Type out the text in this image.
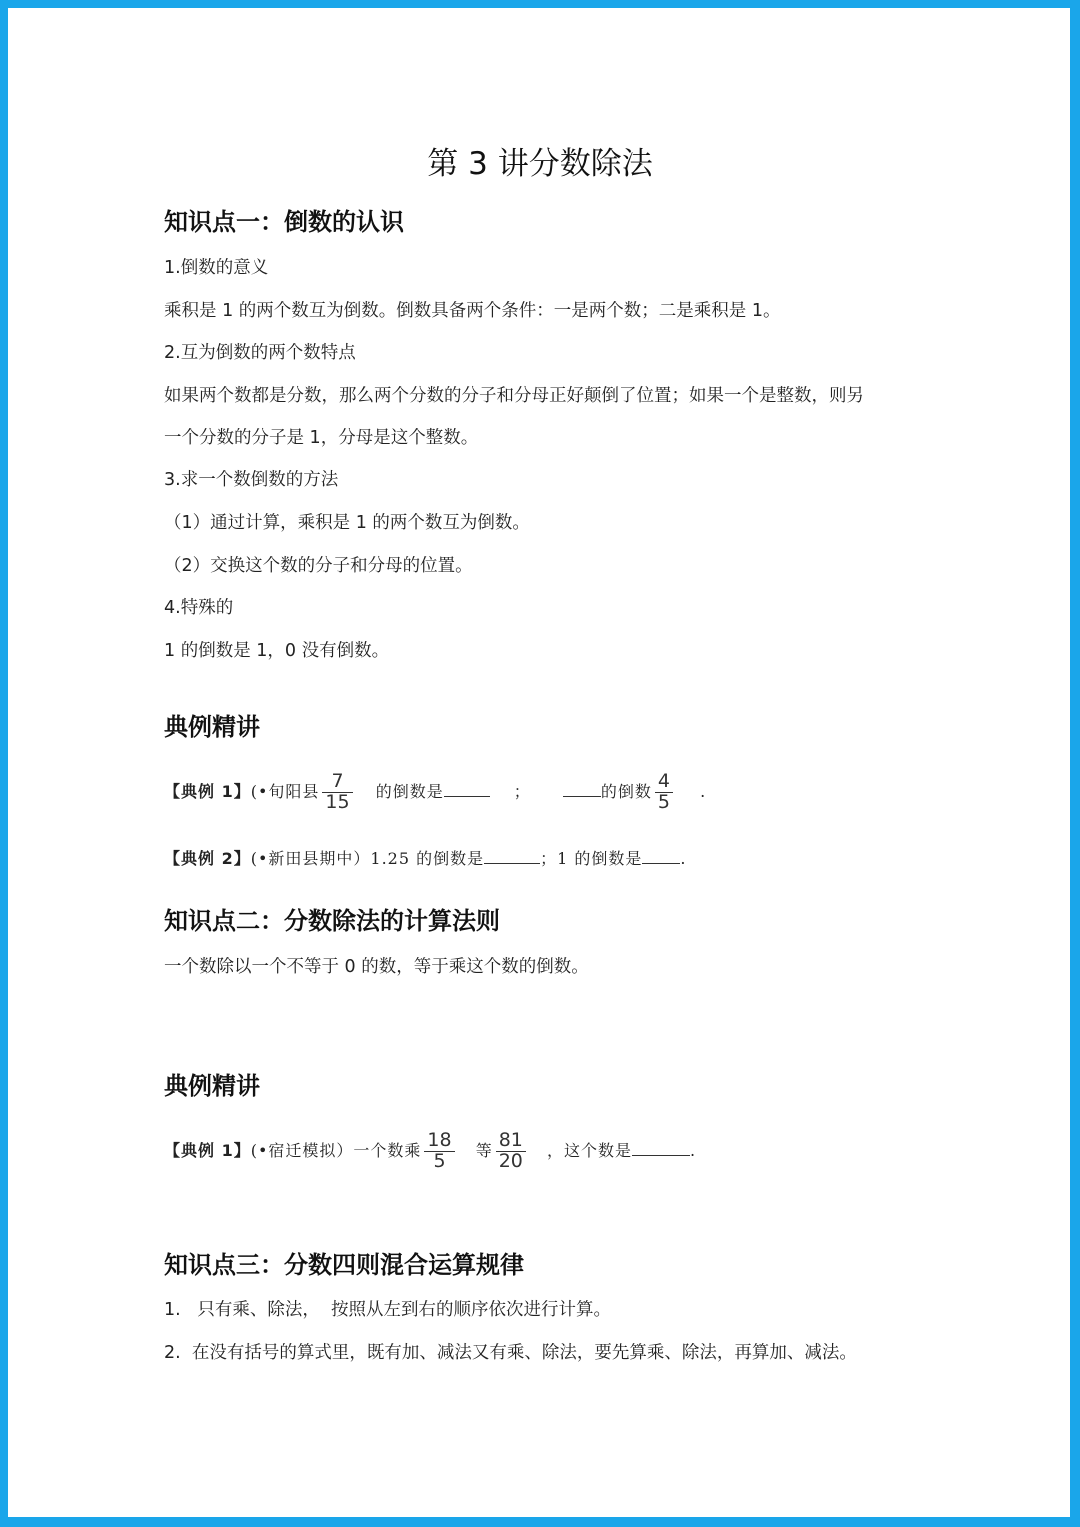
第 3 讲分数除法
知识点一：倒数的认识
1.倒数的意义
乘积是 1 的两个数互为倒数。倒数具备两个条件：一是两个数；二是乘积是 1。
2.互为倒数的两个数特点
如果两个数都是分数，那么两个分数的分子和分母正好颠倒了位置；如果一个是整数，则另
一个分数的分子是 1，分母是这个整数。
3.求一个数倒数的方法
（1）通过计算，乘积是 1 的两个数互为倒数。
（2）交换这个数的分子和分母的位置。
4.特殊的
1 的倒数是 1，0 没有倒数。
典例精讲
【典例 1】(•旬阳县 $\frac{7}{15}$ 的倒数是	；	的倒数 $\frac{4}{5}$ .
【典例 2】(•新田县期中）1.25 的倒数是	；1 的倒数是 .
知识点二：分数除法的计算法则
一个数除以一个不等于 0 的数，等于乘这个数的倒数。
典例精讲
【典例 1】(•宿迁模拟）一个数乘 $\frac{18}{5}$ 等 $\frac{81}{20}$ ，这个数是	.
知识点三：分数四则混合运算规律
1.   只有乘、除法，  按照从左到右的顺序依次进行计算。
2.  在没有括号的算式里，既有加、减法又有乘、除法，要先算乘、除法，再算加、减法。
